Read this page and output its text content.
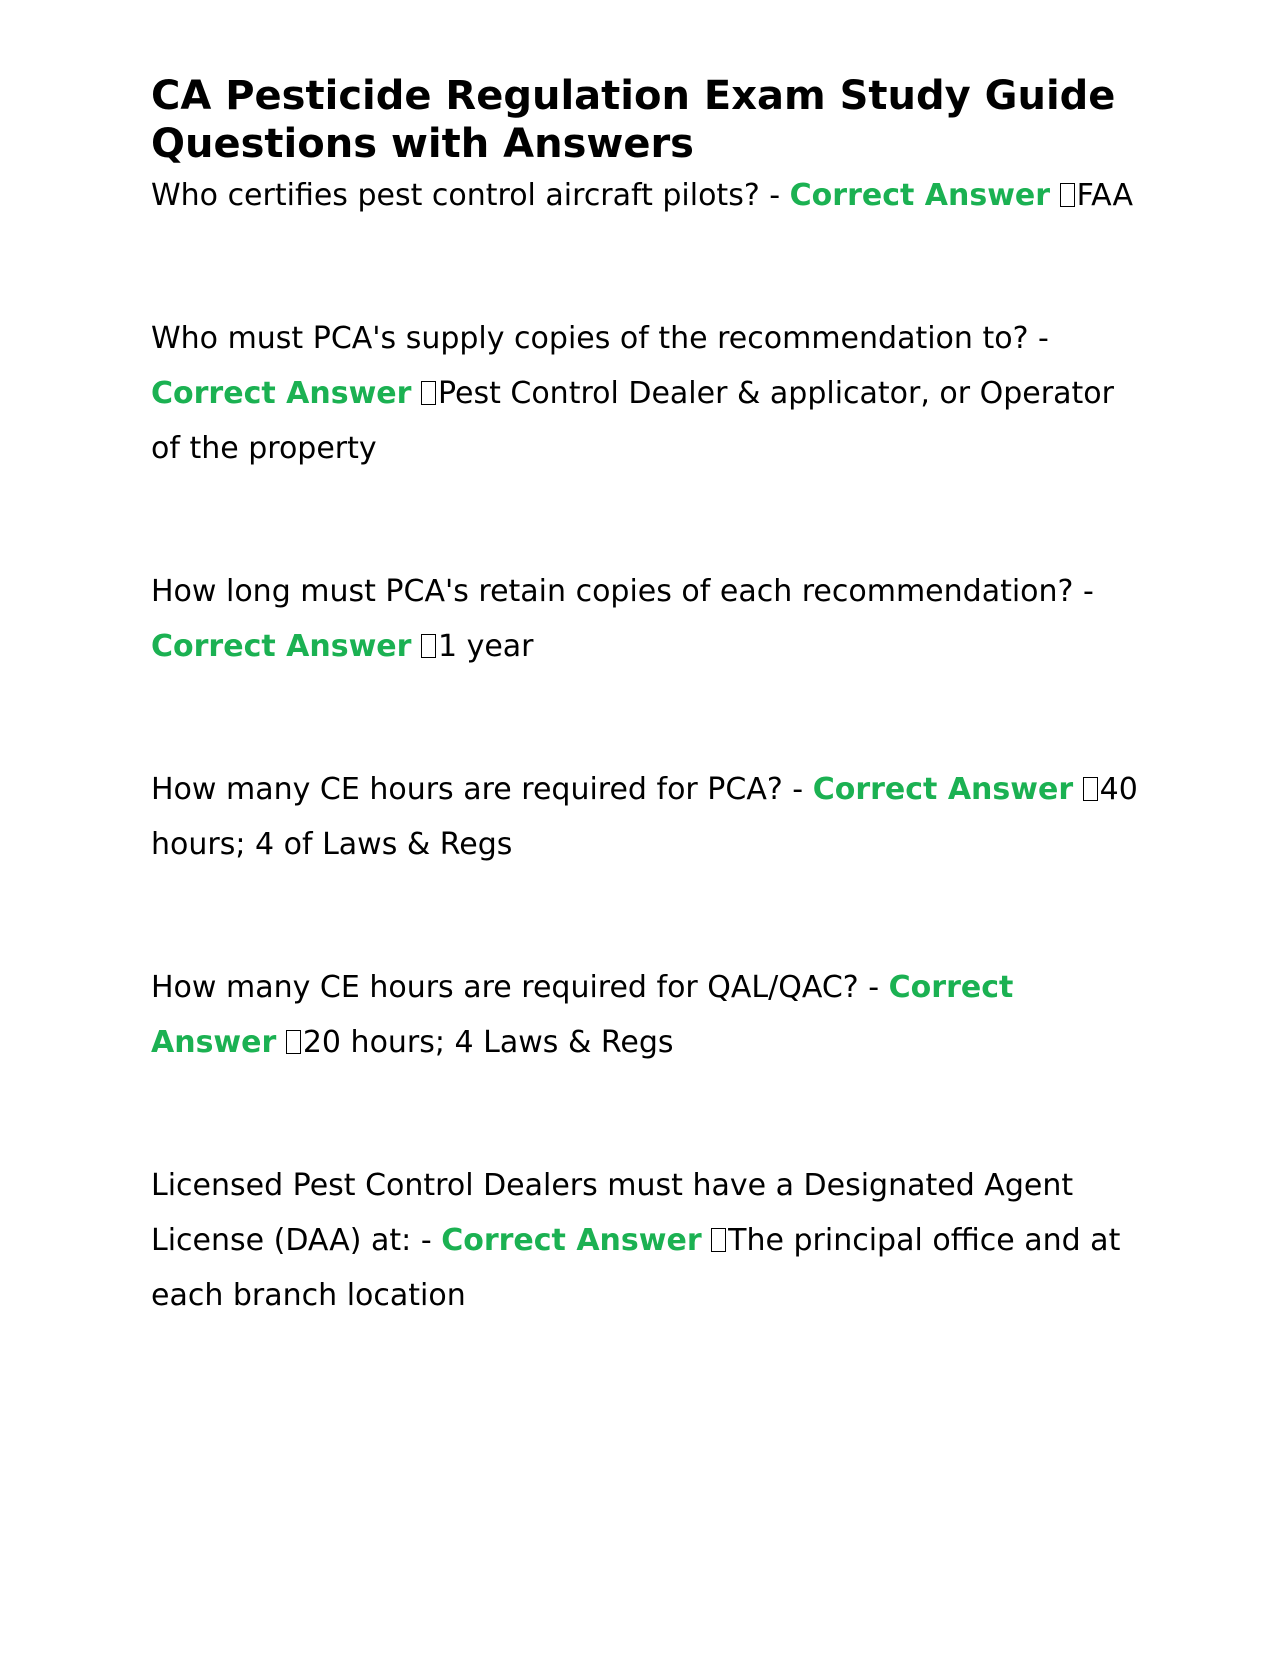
CA Pesticide Regulation Exam Study Guide Questions with Answers

Who certifies pest control aircraft pilots? - Correct Answer FAA

Who must PCA's supply copies of the recommendation to? - Correct Answer Pest Control Dealer & applicator, or Operator of the property

How long must PCA's retain copies of each recommendation? - Correct Answer 1 year

How many CE hours are required for PCA? - Correct Answer 40 hours; 4 of Laws & Regs

How many CE hours are required for QAL/QAC? - Correct Answer 20 hours; 4 Laws & Regs

Licensed Pest Control Dealers must have a Designated Agent License (DAA) at: - Correct Answer The principal office and at each branch location
